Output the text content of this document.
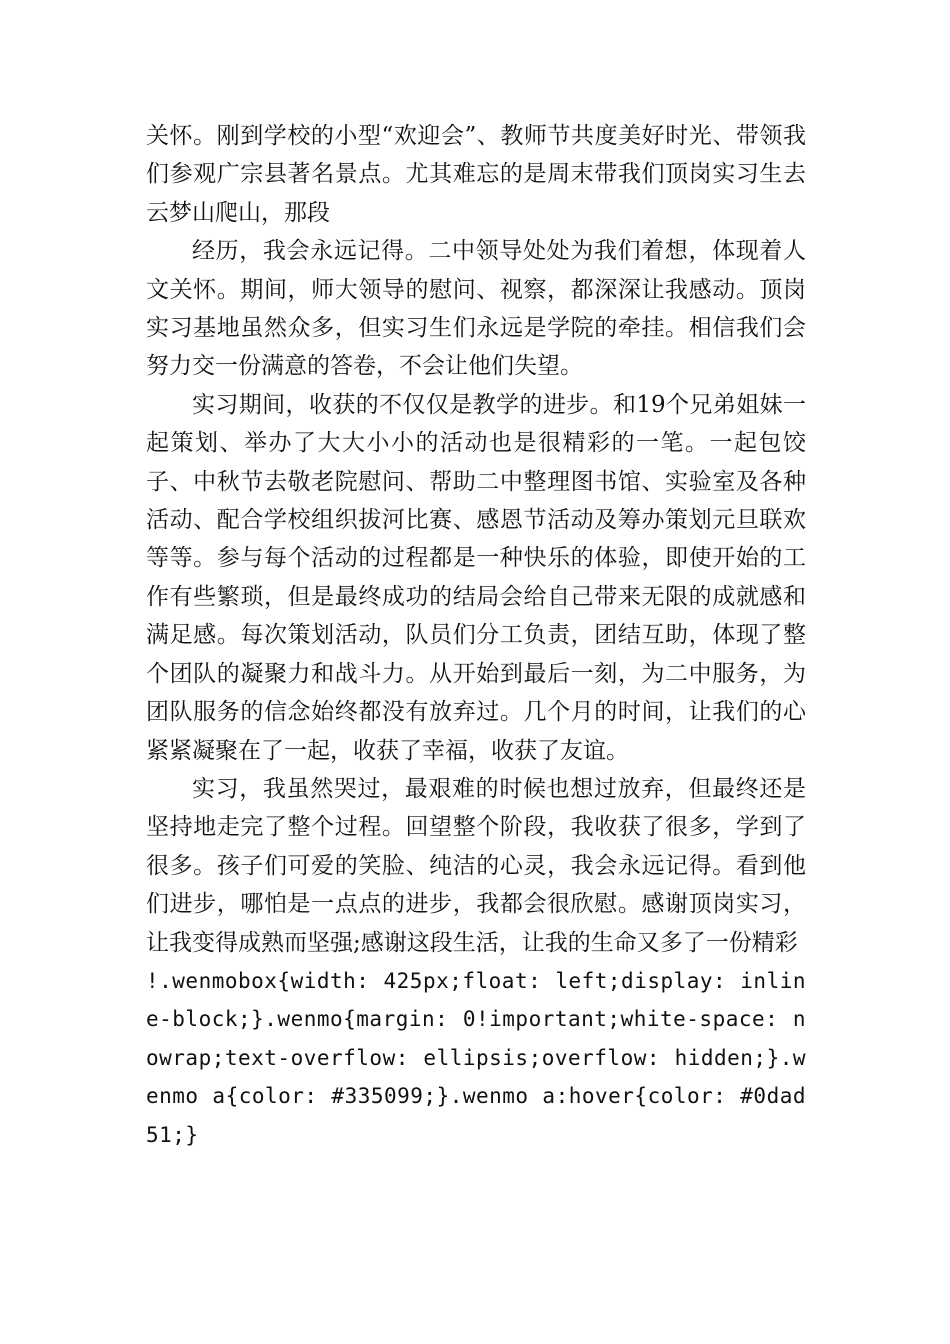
关怀。刚到学校的小型“欢迎会”、教师节共度美好时光、带领我们参观广宗县著名景点。尤其难忘的是周末带我们顶岗实习生去云梦山爬山，那段

经历，我会永远记得。二中领导处处为我们着想，体现着人文关怀。期间，师大领导的慰问、视察，都深深让我感动。顶岗实习基地虽然众多，但实习生们永远是学院的牵挂。相信我们会努力交一份满意的答卷，不会让他们失望。

实习期间，收获的不仅仅是教学的进步。和19个兄弟姐妹一起策划、举办了大大小小的活动也是很精彩的一笔。一起包饺子、中秋节去敬老院慰问、帮助二中整理图书馆、实验室及各种活动、配合学校组织拔河比赛、感恩节活动及筹办策划元旦联欢等等。参与每个活动的过程都是一种快乐的体验，即使开始的工作有些繁琐，但是最终成功的结局会给自己带来无限的成就感和满足感。每次策划活动，队员们分工负责，团结互助，体现了整个团队的凝聚力和战斗力。从开始到最后一刻，为二中服务，为团队服务的信念始终都没有放弃过。几个月的时间，让我们的心紧紧凝聚在了一起，收获了幸福，收获了友谊。

实习，我虽然哭过，最艰难的时候也想过放弃，但最终还是坚持地走完了整个过程。回望整个阶段，我收获了很多，学到了很多。孩子们可爱的笑脸、纯洁的心灵，我会永远记得。看到他们进步，哪怕是一点点的进步，我都会很欣慰。感谢顶岗实习，让我变得成熟而坚强;感谢这段生活，让我的生命又多了一份精彩

!.wenmobox{width: 425px;float: left;display: inline-block;}.wenmo{margin: 0!important;white-space: nowrap;text-overflow: ellipsis;overflow: hidden;}.wenmo a{color: #335099;}.wenmo a:hover{color: #0dad51;}
